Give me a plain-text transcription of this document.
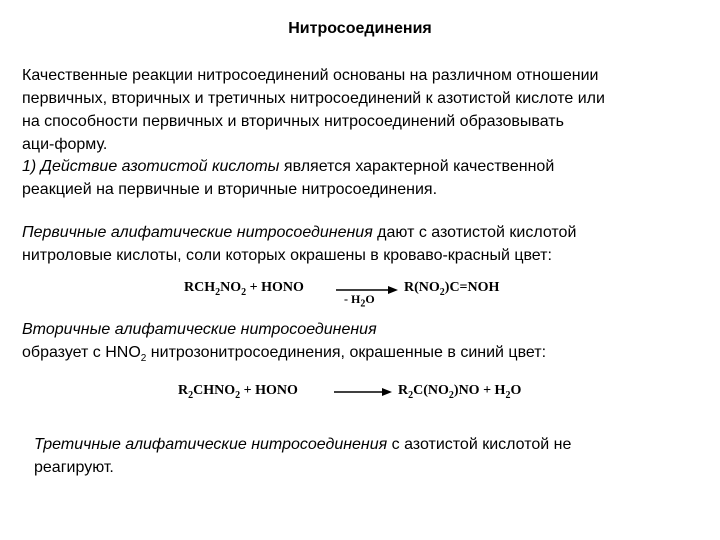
Нитросоединения
Качественные реакции нитросоединений основаны на различном отношении
первичных, вторичных и третичных нитросоединений к азотистой кислоте или
на способности первичных и вторичных нитросоединений образовывать
аци-форму.
1) Действие азотистой кислоты является характерной качественной
реакцией на первичные и вторичные нитросоединения.
Первичные алифатические нитросоединения дают с азотистой кислотой
нитроловые кислоты, соли которых окрашены в кроваво-красный цвет:
$RCH_2NO_2$ + HONO
- $H_2O$
$R(NO_2)C=NOH$
Вторичные алифатические нитросоединения
образует с $HNO_2$ нитрозонитросоединения, окрашенные в синий цвет:
$R_2CHNO_2$ + HONO	$R_2C(NO_2)NO + H_2O$
Третичные алифатические нитросоединения с азотистой кислотой не
реагируют.
